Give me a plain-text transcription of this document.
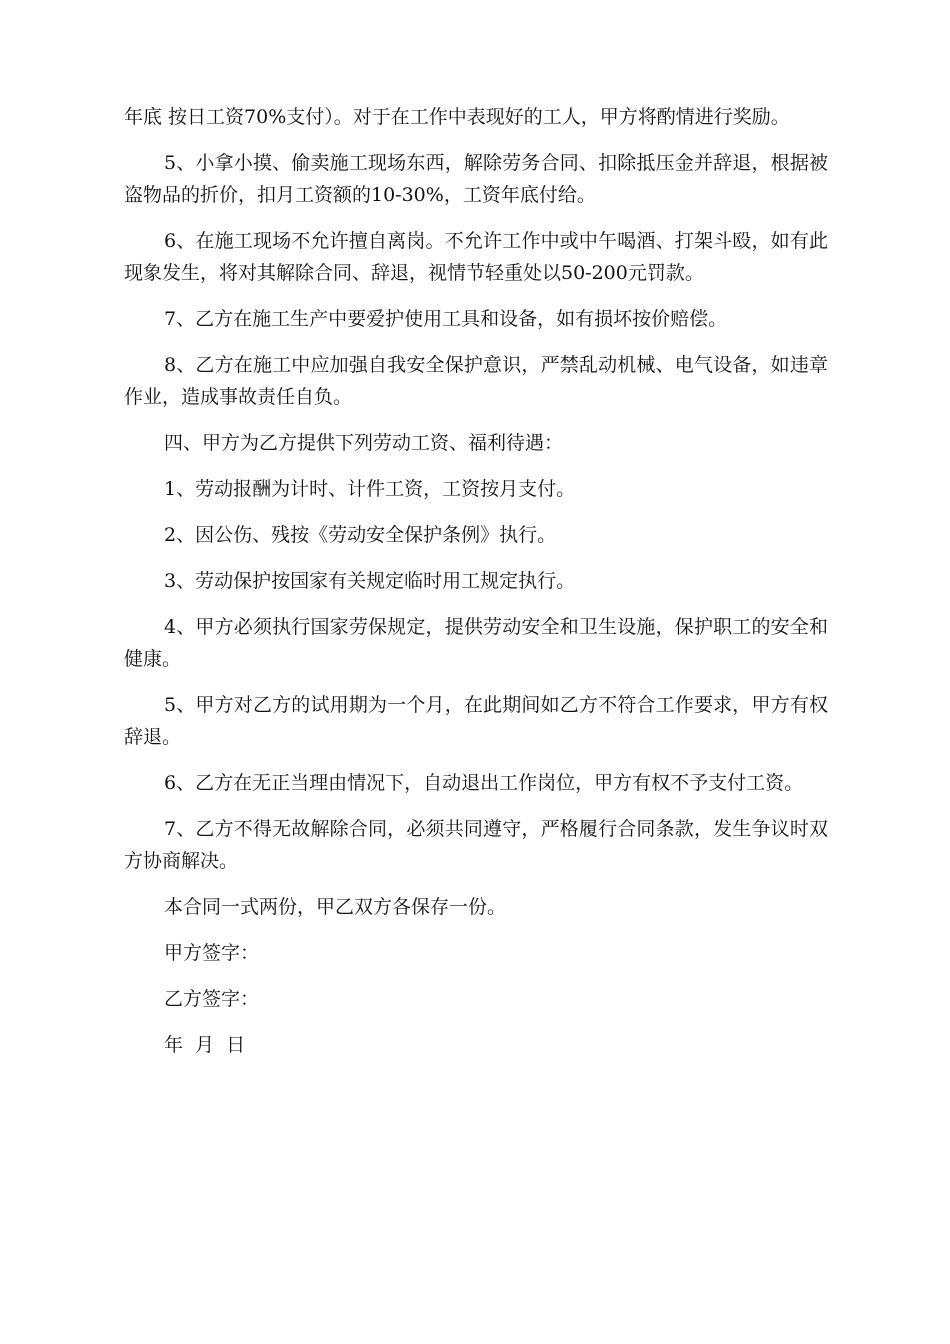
年底 按日工资70%支付）。对于在工作中表现好的工人，甲方将酌情进行奖励。

5、小拿小摸、偷卖施工现场东西，解除劳务合同、扣除抵压金并辞退，根据被盗物品的折价，扣月工资额的10-30%，工资年底付给。

6、在施工现场不允许擅自离岗。不允许工作中或中午喝酒、打架斗殴，如有此现象发生，将对其解除合同、辞退，视情节轻重处以50-200元罚款。

7、乙方在施工生产中要爱护使用工具和设备，如有损坏按价赔偿。

8、乙方在施工中应加强自我安全保护意识，严禁乱动机械、电气设备，如违章作业，造成事故责任自负。

四、甲方为乙方提供下列劳动工资、福利待遇：

1、劳动报酬为计时、计件工资，工资按月支付。

2、因公伤、残按《劳动安全保护条例》执行。

3、劳动保护按国家有关规定临时用工规定执行。

4、甲方必须执行国家劳保规定，提供劳动安全和卫生设施，保护职工的安全和健康。

5、甲方对乙方的试用期为一个月，在此期间如乙方不符合工作要求，甲方有权辞退。

6、乙方在无正当理由情况下，自动退出工作岗位，甲方有权不予支付工资。

7、乙方不得无故解除合同，必须共同遵守，严格履行合同条款，发生争议时双方协商解决。

本合同一式两份，甲乙双方各保存一份。

甲方签字：

乙方签字：

年  月  日
